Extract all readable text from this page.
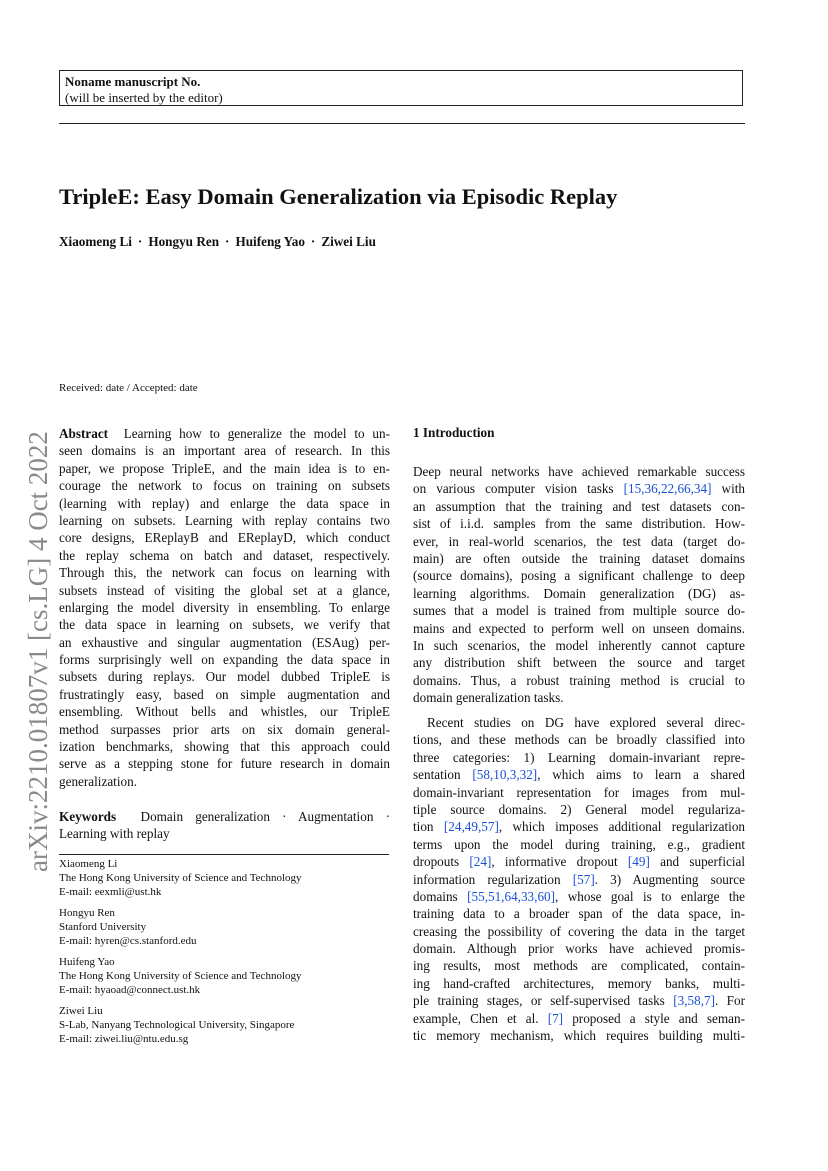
Noname manuscript No.
(will be inserted by the editor)
TripleE: Easy Domain Generalization via Episodic Replay
Xiaomeng Li · Hongyu Ren · Huifeng Yao · Ziwei Liu
arXiv:2210.01807v1 [cs.LG] 4 Oct 2022
Received: date / Accepted: date
Abstract Learning how to generalize the model to un-
seen domains is an important area of research. In this
paper, we propose TripleE, and the main idea is to en-
courage the network to focus on training on subsets
(learning with replay) and enlarge the data space in
learning on subsets. Learning with replay contains two
core designs, EReplayB and EReplayD, which conduct
the replay schema on batch and dataset, respectively.
Through this, the network can focus on learning with
subsets instead of visiting the global set at a glance,
enlarging the model diversity in ensembling. To enlarge
the data space in learning on subsets, we verify that
an exhaustive and singular augmentation (ESAug) per-
forms surprisingly well on expanding the data space in
subsets during replays. Our model dubbed TripleE is
frustratingly easy, based on simple augmentation and
ensembling. Without bells and whistles, our TripleE
method surpasses prior arts on six domain general-
ization benchmarks, showing that this approach could
serve as a stepping stone for future research in domain
generalization.
Keywords Domain generalization · Augmentation ·
Learning with replay
Xiaomeng Li
The Hong Kong University of Science and Technology
E-mail: eexmli@ust.hk
Hongyu Ren
Stanford University
E-mail: hyren@cs.stanford.edu
Huifeng Yao
The Hong Kong University of Science and Technology
E-mail: hyaoad@connect.ust.hk
Ziwei Liu
S-Lab, Nanyang Technological University, Singapore
E-mail: ziwei.liu@ntu.edu.sg
1 Introduction
Deep neural networks have achieved remarkable success
on various computer vision tasks [15,36,22,66,34] with
an assumption that the training and test datasets con-
sist of i.i.d. samples from the same distribution. How-
ever, in real-world scenarios, the test data (target do-
main) are often outside the training dataset domains
(source domains), posing a significant challenge to deep
learning algorithms. Domain generalization (DG) as-
sumes that a model is trained from multiple source do-
mains and expected to perform well on unseen domains.
In such scenarios, the model inherently cannot capture
any distribution shift between the source and target
domains. Thus, a robust training method is crucial to
domain generalization tasks.
Recent studies on DG have explored several direc-
tions, and these methods can be broadly classified into
three categories: 1) Learning domain-invariant repre-
sentation [58,10,3,32], which aims to learn a shared
domain-invariant representation for images from mul-
tiple source domains. 2) General model regulariza-
tion [24,49,57], which imposes additional regularization
terms upon the model during training, e.g., gradient
dropouts [24], informative dropout [49] and superficial
information regularization [57]. 3) Augmenting source
domains [55,51,64,33,60], whose goal is to enlarge the
training data to a broader span of the data space, in-
creasing the possibility of covering the data in the target
domain. Although prior works have achieved promis-
ing results, most methods are complicated, contain-
ing hand-crafted architectures, memory banks, multi-
ple training stages, or self-supervised tasks [3,58,7]. For
example, Chen et al. [7] proposed a style and seman-
tic memory mechanism, which requires building multi-
